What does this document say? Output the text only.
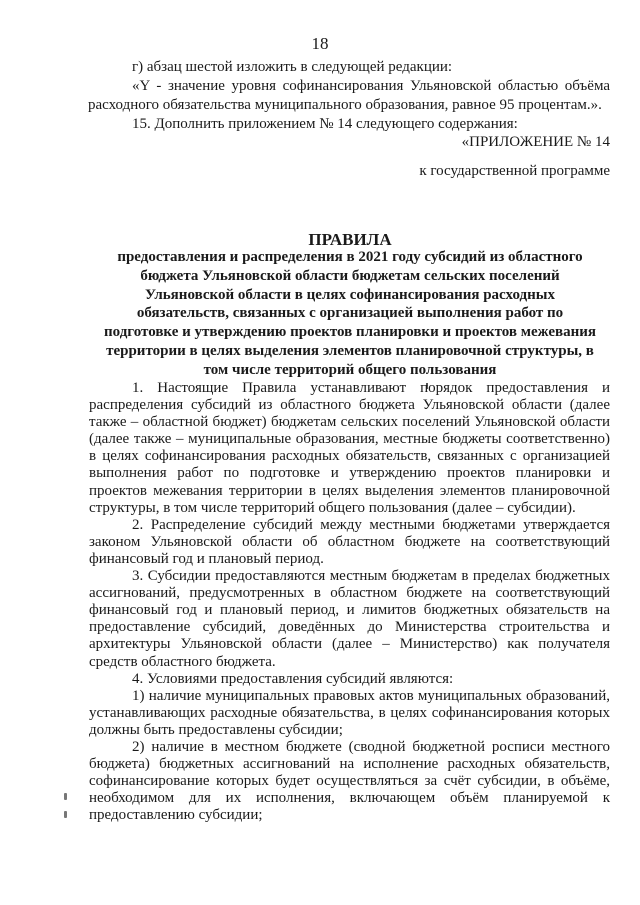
18

г) абзац шестой изложить в следующей редакции:

«Y - значение уровня софинансирования Ульяновской областью объёма расходного обязательства муниципального образования, равное 95 процентам.».

15. Дополнить приложением № 14 следующего содержания:

«ПРИЛОЖЕНИЕ № 14
к государственной программе
ПРАВИЛА
предоставления и распределения в 2021 году субсидий из областного бюджета Ульяновской области бюджетам сельских поселений Ульяновской области в целях софинансирования расходных обязательств, связанных с организацией выполнения работ по подготовке и утверждению проектов планировки и проектов межевания территории в целях выделения элементов планировочной структуры, в том числе территорий общего пользования

1. Настоящие Правила устанавливают порядок предоставления и распределения субсидий из областного бюджета Ульяновской области (далее также – областной бюджет) бюджетам сельских поселений Ульяновской области (далее также – муниципальные образования, местные бюджеты соответственно) в целях софинансирования расходных обязательств, связанных с организацией выполнения работ по подготовке и утверждению проектов планировки и проектов межевания территории в целях выделения элементов планировочной структуры, в том числе территорий общего пользования (далее – субсидии).

2. Распределение субсидий между местными бюджетами утверждается законом Ульяновской области об областном бюджете на соответствующий финансовый год и плановый период.

3. Субсидии предоставляются местным бюджетам в пределах бюджетных ассигнований, предусмотренных в областном бюджете на соответствующий финансовый год и плановый период, и лимитов бюджетных обязательств на предоставление субсидий, доведённых до Министерства строительства и архитектуры Ульяновской области (далее – Министерство) как получателя средств областного бюджета.

4. Условиями предоставления субсидий являются:

1) наличие муниципальных правовых актов муниципальных образований, устанавливающих расходные обязательства, в целях софинансирования которых должны быть предоставлены субсидии;

2) наличие в местном бюджете (сводной бюджетной росписи местного бюджета) бюджетных ассигнований на исполнение расходных обязательств, софинансирование которых будет осуществляться за счёт субсидии, в объёме, необходимом для их исполнения, включающем объём планируемой к предоставлению субсидии;
